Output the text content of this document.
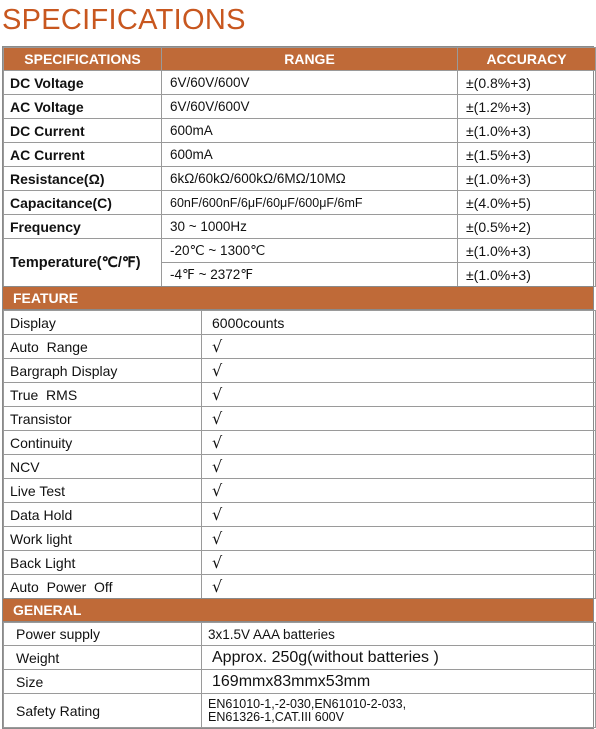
SPECIFICATIONS
SPECIFICATIONS	RANGE	ACCURACY
DC Voltage	6V/60V/600V	±(0.8%+3)
AC Voltage	6V/60V/600V	±(1.2%+3)
DC Current	600mA	±(1.0%+3)
AC Current	600mA	±(1.5%+3)
Resistance(Ω)	6kΩ/60kΩ/600kΩ/6MΩ/10MΩ	±(1.0%+3)
Capacitance(C)	60nF/600nF/6μF/60μF/600μF/6mF	±(4.0%+5)
Frequency	30 ~ 1000Hz	±(0.5%+2)
Temperature(℃/℉)	-20℃ ~ 1300℃	±(1.0%+3)
	-4℉ ~ 2372℉	±(1.0%+3)
FEATURE
Display	6000counts
Auto  Range	√
Bargraph Display	√
True  RMS	√
Transistor	√
Continuity	√
NCV	√
Live Test	√
Data Hold	√
Work light	√
Back Light	√
Auto  Power  Off	√
GENERAL
Power supply	3x1.5V AAA batteries
Weight	Approx. 250g(without batteries )
Size	169mmx83mmx53mm
Safety Rating	EN61010-1,-2-030,EN61010-2-033,
EN61326-1,CAT.III 600V
